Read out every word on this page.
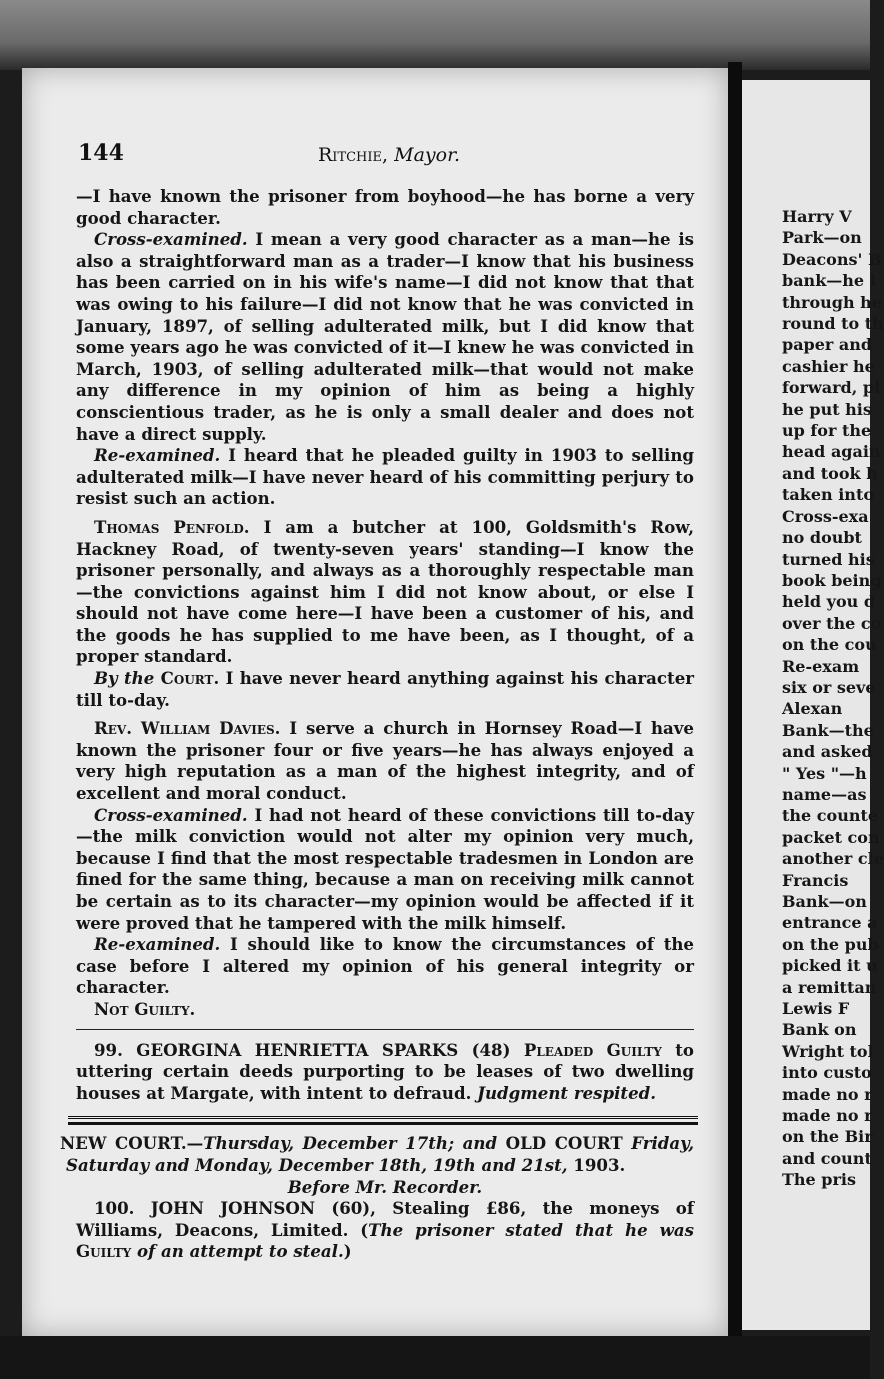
144	Ritchie, Mayor.

—I have known the prisoner from boyhood—he has borne a very good character.

Cross-examined. I mean a very good character as a man—he is also a straightforward man as a trader—I know that his business has been carried on in his wife's name—I did not know that that was owing to his failure—I did not know that he was convicted in January, 1897, of selling adulterated milk, but I did know that some years ago he was convicted of it—I knew he was convicted in March, 1903, of selling adulterated milk—that would not make any difference in my opinion of him as being a highly conscientious trader, as he is only a small dealer and does not have a direct supply.

Re-examined. I heard that he pleaded guilty in 1903 to selling adulterated milk—I have never heard of his committing perjury to resist such an action.

Thomas Penfold. I am a butcher at 100, Goldsmith's Row, Hackney Road, of twenty-seven years' standing—I know the prisoner personally, and always as a thoroughly respectable man—the convictions against him I did not know about, or else I should not have come here—I have been a customer of his, and the goods he has supplied to me have been, as I thought, of a proper standard.

By the Court. I have never heard anything against his character till to-day.

Rev. William Davies. I serve a church in Hornsey Road—I have known the prisoner four or five years—he has always enjoyed a very high reputation as a man of the highest integrity, and of excellent and moral conduct.

Cross-examined. I had not heard of these convictions till to-day—the milk conviction would not alter my opinion very much, because I find that the most respectable tradesmen in London are fined for the same thing, because a man on receiving milk cannot be certain as to its character—my opinion would be affected if it were proved that he tampered with the milk himself.

Re-examined. I should like to know the circumstances of the case before I altered my opinion of his general integrity or character.

Not Guilty.

99. GEORGINA HENRIETTA SPARKS (48) Pleaded Guilty to uttering certain deeds purporting to be leases of two dwelling houses at Margate, with intent to defraud. Judgment respited.

NEW COURT.—Thursday, December 17th; and OLD COURT Friday, Saturday and Monday, December 18th, 19th and 21st, 1903.

Before Mr. Recorder.

100. JOHN JOHNSON (60), Stealing £86, the moneys of Williams, Deacons, Limited. (The prisoner stated that he was Guilty of an attempt to steal.)

Harry V
Park—on
Deacons' B
bank—he l
through he
round to th
paper and
cashier he
forward, pl
he put his
up for the
head again
and took h
taken into
Cross-exa
no doubt
turned his
book being
held you d
over the co
on the cou
Re-exam
six or seve
Alexan
Bank—the
and asked
" Yes "—h
name—as
the counte
packet con
another cle
Francis
Bank—on
entrance a
on the pub
picked it u
a remittan
Lewis F
Bank on
Wright tol
into custo
made no r
made no r
on the Bir
and count
The pris
